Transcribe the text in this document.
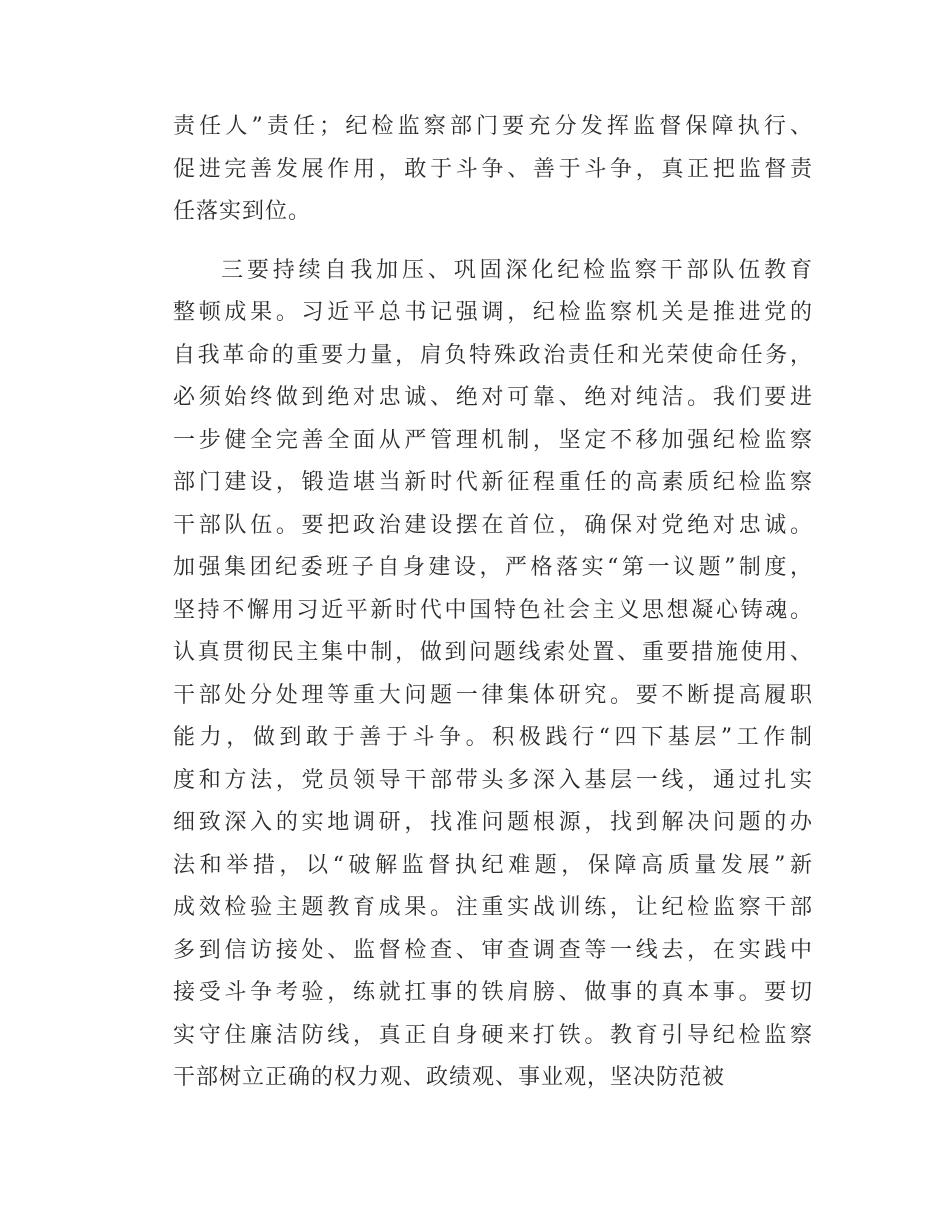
责任人”责任；纪检监察部门要充分发挥监督保障执行、
促进完善发展作用，敢于斗争、善于斗争，真正把监督责
任落实到位。
三要持续自我加压、巩固深化纪检监察干部队伍教育
整顿成果。习近平总书记强调，纪检监察机关是推进党的
自我革命的重要力量，肩负特殊政治责任和光荣使命任务，
必须始终做到绝对忠诚、绝对可靠、绝对纯洁。我们要进
一步健全完善全面从严管理机制，坚定不移加强纪检监察
部门建设，锻造堪当新时代新征程重任的高素质纪检监察
干部队伍。要把政治建设摆在首位，确保对党绝对忠诚。
加强集团纪委班子自身建设，严格落实“第一议题”制度，
坚持不懈用习近平新时代中国特色社会主义思想凝心铸魂。
认真贯彻民主集中制，做到问题线索处置、重要措施使用、
干部处分处理等重大问题一律集体研究。要不断提高履职
能力，做到敢于善于斗争。积极践行“四下基层”工作制
度和方法，党员领导干部带头多深入基层一线，通过扎实
细致深入的实地调研，找准问题根源，找到解决问题的办
法和举措，以“破解监督执纪难题，保障高质量发展”新
成效检验主题教育成果。注重实战训练，让纪检监察干部
多到信访接处、监督检查、审查调查等一线去，在实践中
接受斗争考验，练就扛事的铁肩膀、做事的真本事。要切
实守住廉洁防线，真正自身硬来打铁。教育引导纪检监察
干部树立正确的权力观、政绩观、事业观，坚决防范被
